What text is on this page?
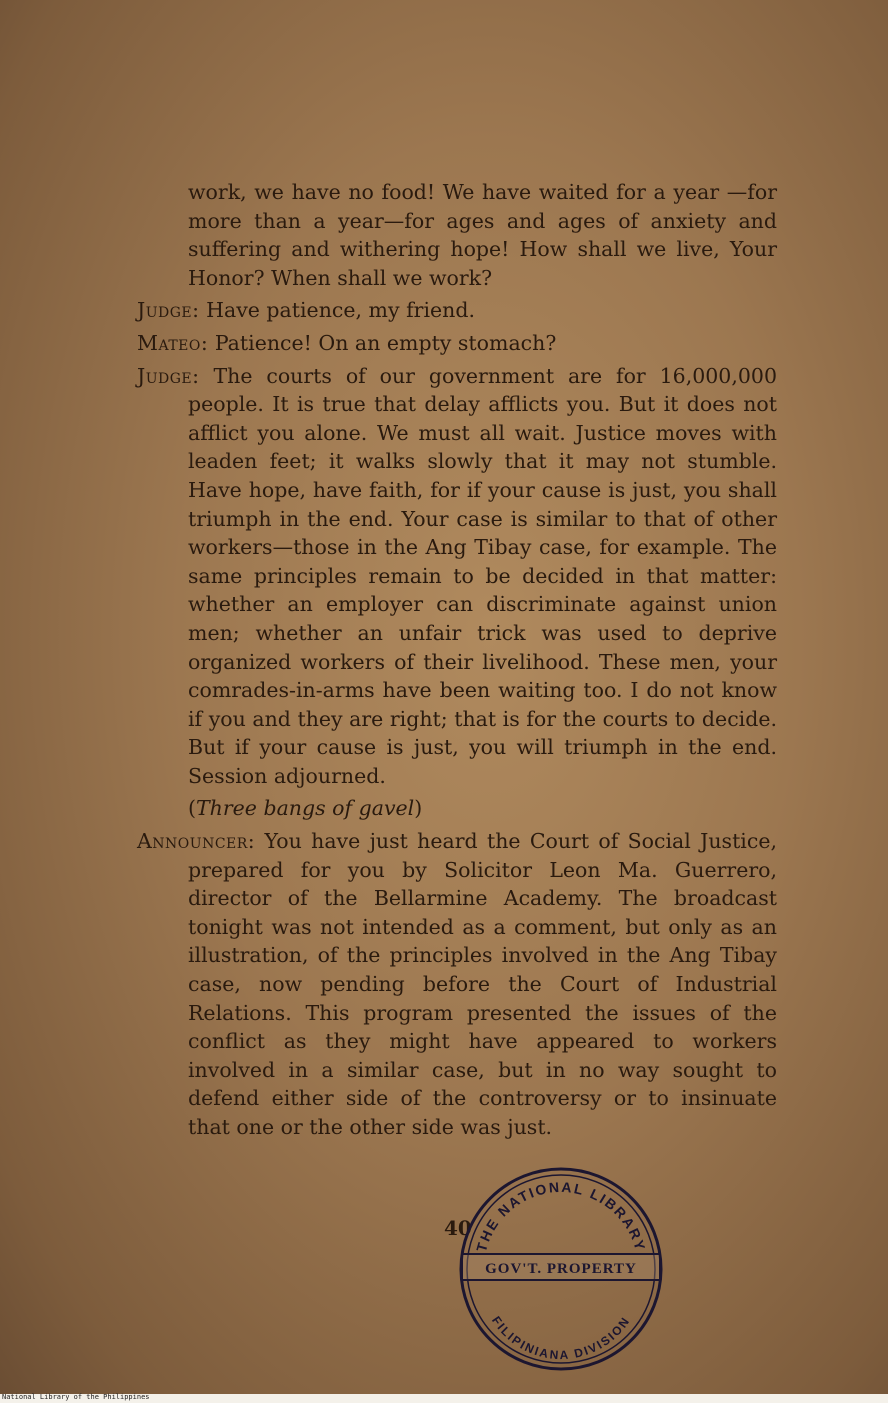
work, we have no food! We have waited for a year —for more than a year—for ages and ages of anxiety and suffering and withering hope! How shall we live, Your Honor? When shall we work?

Judge: Have patience, my friend.

Mateo: Patience! On an empty stomach?

Judge: The courts of our government are for 16,000,000 people. It is true that delay afflicts you. But it does not afflict you alone. We must all wait. Justice moves with leaden feet; it walks slowly that it may not stumble. Have hope, have faith, for if your cause is just, you shall triumph in the end. Your case is similar to that of other workers—those in the Ang Tibay case, for example. The same principles remain to be decided in that matter: whether an employer can discriminate against union men; whether an unfair trick was used to deprive organized workers of their livelihood. These men, your comrades-in-arms have been waiting too. I do not know if you and they are right; that is for the courts to decide. But if your cause is just, you will triumph in the end. Session adjourned.

(Three bangs of gavel)

Announcer: You have just heard the Court of Social Justice, prepared for you by Solicitor Leon Ma. Guerrero, director of the Bellarmine Academy. The broadcast tonight was not intended as a comment, but only as an illustration, of the principles involved in the Ang Tibay case, now pending before the Court of Industrial Relations. This program presented the issues of the conflict as they might have appeared to workers involved in a similar case, but in no way sought to defend either side of the controversy or to insinuate that one or the other side was just.

40
THE NATIONAL LIBRARY
GOV'T. PROPERTY
FILIPINIANA DIVISION
National Library of the Philippines
